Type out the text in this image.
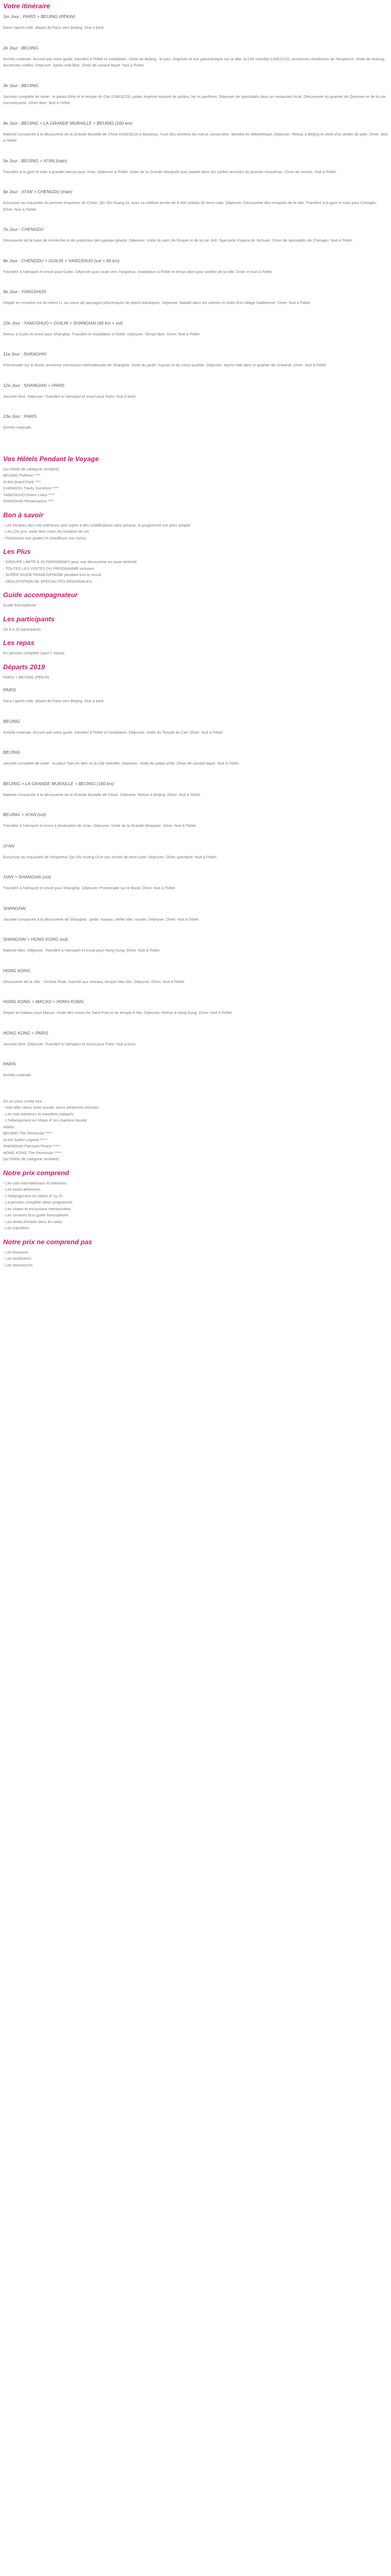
Votre itinéraire
1er Jour : PARIS > BEIJING (PÉKIN)
Dans l'après-midi, départ de Paris vers Beijing. Nuit à bord.
2e Jour : BEIJING
Arrivée matinale. Accueil par votre guide, transfert à l'hôtel et installation. Visite de Beijing : le parc Jingshan et vue panoramique sur la ville, la Cité Interdite (UNESCO), anciennes résidences de l'empereur. Visite de Hutong, anciennes ruelles. Déjeuner. Après-midi libre. Dîner de canard laqué. Nuit à l'hôtel.
3e Jour : BEIJING
Journée complète de visite : le palais d'été et le temple du Ciel (UNESCO), palais impérial entouré de jardins, lac et pavillons. Déjeuner de spécialités dans un restaurant local. Découverte du quartier de Qianmen et de la rue commerçante. Dîner libre. Nuit à l'hôtel.
4e Jour : BEIJING > LA GRANDE MURAILLE > BEIJING (160 km)
Matinée consacrée à la découverte de la Grande Muraille de Chine (UNESCO) à Mutianyu, l'une des sections les mieux conservées. Montée en téléphérique. Déjeuner. Retour à Beijing et visite d'un atelier de jade. Dîner. Nuit à l'hôtel.
5e Jour : BEIJING > XI'AN (train)
Transfert à la gare et train à grande vitesse pour Xi'an. Déjeuner à l'hôtel. Visite de la Grande Mosquée puis balade dans les ruelles animées du quartier musulman. Dîner de raviolis. Nuit à l'hôtel.
6e Jour : XI'AN > CHENGDU (train)
Excursion au mausolée du premier empereur de Chine, Qin Shi Huang Di, avec sa célèbre armée de 8 000 soldats de terre cuite. Déjeuner. Découverte des remparts de la ville. Transfert à la gare et train pour Chengdu. Dîner. Nuit à l'hôtel.
7e Jour : CHENGDU
Découverte de la base de recherche et de protection des pandas géants. Déjeuner. Visite du parc du Peuple et de la rue Jinli. Spectacle d'opéra du Sichuan. Dîner de spécialités de Chengdu. Nuit à l'hôtel.
8e Jour : CHENGDU > GUILIN > YANGSHUO (vol + 65 km)
Transfert à l'aéroport et envol pour Guilin. Déjeuner puis route vers Yangshuo. Installation à l'hôtel et temps libre pour profiter de la ville. Dîner et nuit à l'hôtel.
9e Jour : YANGSHUO
Départ en croisière sur la rivière Li, au coeur de paysages pittoresques de pitons karstiques. Déjeuner. Balade dans les rizières et visite d'un village traditionnel. Dîner. Nuit à l'hôtel.
10e Jour : YANGSHUO > GUILIN > SHANGHAI (65 km + vol)
Retour à Guilin et envol pour Shanghai. Transfert et installation à l'hôtel. Déjeuner. Temps libre. Dîner. Nuit à l'hôtel.
11e Jour : SHANGHAI
Promenade sur le Bund, ancienne concession internationale de Shanghai. Visite du jardin Yuyuan et du vieux quartier. Déjeuner. Après-midi dans le quartier de Xintiandi. Dîner. Nuit à l'hôtel.
12e Jour : SHANGHAI > PARIS
Journée libre. Déjeuner. Transfert à l'aéroport et envol pour Paris. Nuit à bord.
13e Jour : PARIS
Arrivée matinale.
Vos Hôtels Pendant le Voyage
(ou hôtels de catégorie similaire)
BEIJING Pullman ****
XI'AN Grand Park ****
CHENGDU Tianfu Sunshine ****
YANGSHUO Green Lotus ****
SHANGHAI Renaissance ****
Bon à savoir
- Les horaires des vols intérieurs sont sujets à des modifications sans préavis, le programme est alors adapté.
- Les 12e jour, visite libre selon les horaires de vol.
- Pourboires aux guides et chauffeurs non inclus.
Les Plus
- GROUPE LIMITÉ À 20 PERSONNES pour une découverte en toute sérénité.
- TOUTES LES VISITES DU PROGRAMME incluses.
- SUPER GUIDE FRANCOPHONE pendant tout le circuit.
- DÉGUSTATION DE SPÉCIALITÉS RÉGIONALES.
Guide accompagnateur
Guide francophone.
Les participants
De 6 à 20 participants.
Les repas
En pension complète (sauf 2 repas).
Départs 2019
PARIS > BEIJING (PÉKIN)
PARIS
Dans l'après-midi, départ de Paris vers Beijing. Nuit à bord.
BEIJING
Arrivée matinale. Accueil par votre guide, transfert à l'hôtel et installation. Déjeuner. Visite du Temple du Ciel. Dîner. Nuit à l'hôtel.
BEIJING
Journée complète de visite : la place Tian An Men et la Cité Interdite. Déjeuner. Visite du palais d'été. Dîner de canard laqué. Nuit à l'hôtel.
BEIJING > LA GRANDE MURAILLE > BEIJING (160 km)
Matinée consacrée à la découverte de la Grande Muraille de Chine. Déjeuner. Retour à Beijing. Dîner. Nuit à l'hôtel.
BEIJING > XI'AN (vol)
Transfert à l'aéroport et envol à destination de Xi'an. Déjeuner. Visite de la Grande Mosquée. Dîner. Nuit à l'hôtel.
XI'AN
Excursion au mausolée de l'empereur Qin Shi Huang Di et son armée de terre cuite. Déjeuner. Dîner spectacle. Nuit à l'hôtel.
XIAN > SHANGHAI (vol)
Transfert à l'aéroport et envol pour Shanghai. Déjeuner. Promenade sur le Bund. Dîner. Nuit à l'hôtel.
SHANGHAI
Journée consacrée à la découverte de Shanghai : jardin Yuyuan, vieille ville, musée. Déjeuner. Dîner. Nuit à l'hôtel.
SHANGHAI > HONG KONG (vol)
Matinée libre. Déjeuner. Transfert à l'aéroport et envol pour Hong Kong. Dîner. Nuit à l'hôtel.
HONG KONG
Découverte de la ville : Victoria Peak, marché aux oiseaux, temple Man Mo. Déjeuner. Dîner. Nuit à l'hôtel.
HONG KONG > MACAO > HONG KONG
Départ en bateau pour Macao. Visite des ruines de Saint-Paul et du temple A-Ma. Déjeuner. Retour à Hong Kong. Dîner. Nuit à l'hôtel.
HONG KONG > PARIS
Journée libre. Déjeuner. Transfert à l'aéroport et envol pour Paris. Nuit à bord.
PARIS
Arrivée matinale.
On en vous confie tout :
- Vols aller retour avec escale, taxes aériennes incluses.
- Les vols intérieurs et transferts indiqués.
- L'hébergement en hôtels 4* en chambre double.
Hôtels :
BEIJING The Peninsula *****
XI'AN Sofitel Legend *****
SHANGHAI Fairmont Peace *****
HONG KONG The Peninsula *****
(ou hôtels de catégorie similaire)
Notre prix comprend
- Les vols internationaux et intérieurs.
- Les taxes aériennes.
- L'hébergement en hôtels 4* ou 5*.
- La pension complète selon programme.
- Les visites et excursions mentionnées.
- Les services d'un guide francophone.
- Les droits d'entrée dans les sites.
- Les transferts.
Notre prix ne comprend pas
- Les boissons.
- Les pourboires.
- Les assurances.
